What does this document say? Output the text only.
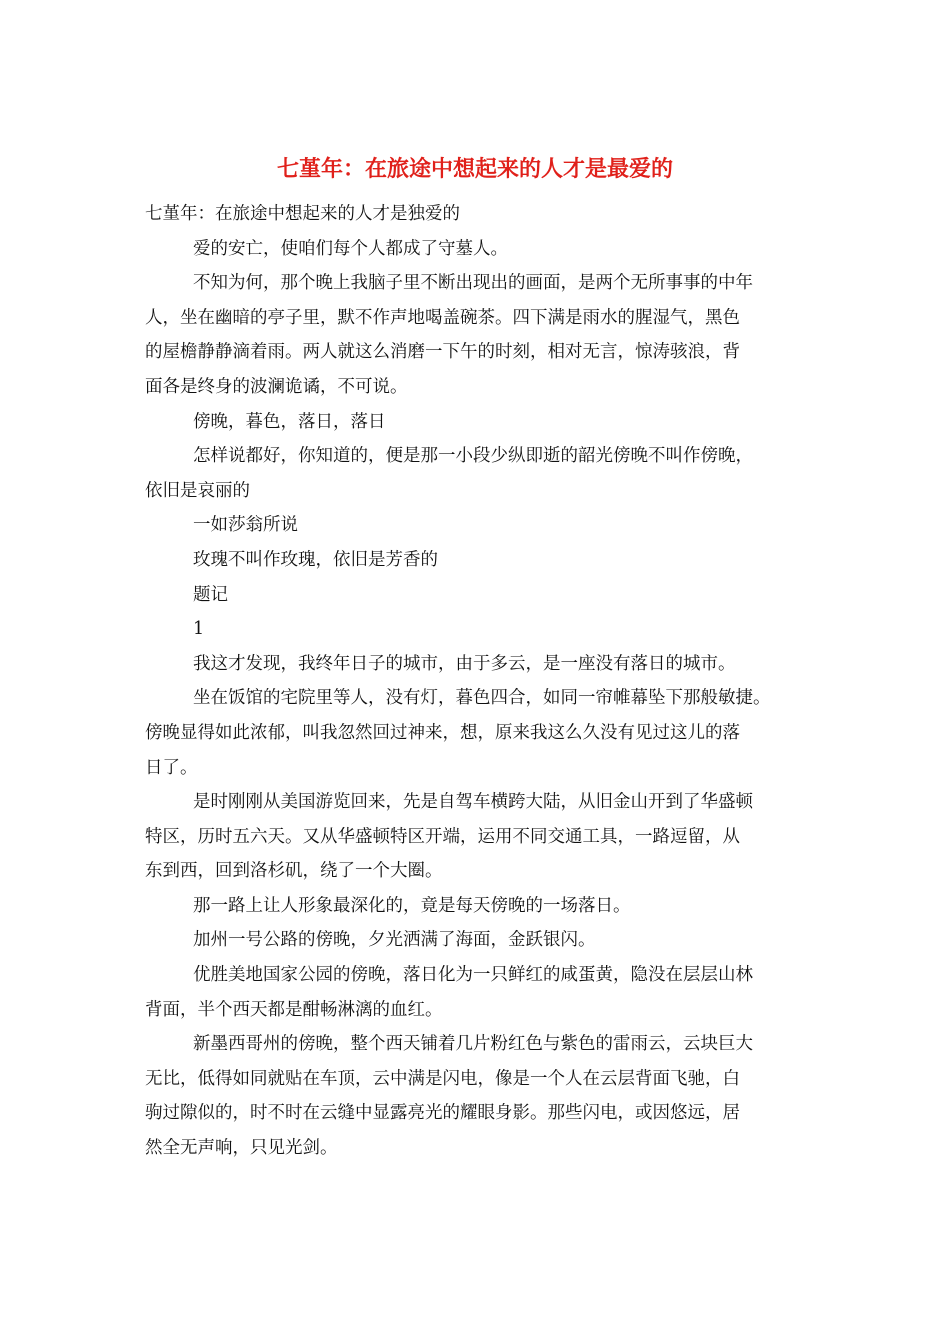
七堇年：在旅途中想起来的人才是最爱的
七堇年：在旅途中想起来的人才是独爱的
爱的安亡，使咱们每个人都成了守墓人。
不知为何，那个晚上我脑子里不断出现出的画面，是两个无所事事的中年
人，坐在幽暗的亭子里，默不作声地喝盖碗茶。四下满是雨水的腥湿气，黑色
的屋檐静静滴着雨。两人就这么消磨一下午的时刻，相对无言，惊涛骇浪，背
面各是终身的波澜诡谲，不可说。
傍晚，暮色，落日，落日
怎样说都好，你知道的，便是那一小段少纵即逝的韶光傍晚不叫作傍晚，
依旧是哀丽的
一如莎翁所说
玫瑰不叫作玫瑰，依旧是芳香的
题记
1
我这才发现，我终年日子的城市，由于多云，是一座没有落日的城市。
坐在饭馆的宅院里等人，没有灯，暮色四合，如同一帘帷幕坠下那般敏捷。
傍晚显得如此浓郁，叫我忽然回过神来，想，原来我这么久没有见过这儿的落
日了。
是时刚刚从美国游览回来，先是自驾车横跨大陆，从旧金山开到了华盛顿
特区，历时五六天。又从华盛顿特区开端，运用不同交通工具，一路逗留，从
东到西，回到洛杉矶，绕了一个大圈。
那一路上让人形象最深化的，竟是每天傍晚的一场落日。
加州一号公路的傍晚，夕光洒满了海面，金跃银闪。
优胜美地国家公园的傍晚，落日化为一只鲜红的咸蛋黄，隐没在层层山林
背面，半个西天都是酣畅淋漓的血红。
新墨西哥州的傍晚，整个西天铺着几片粉红色与紫色的雷雨云，云块巨大
无比，低得如同就贴在车顶，云中满是闪电，像是一个人在云层背面飞驰，白
驹过隙似的，时不时在云缝中显露亮光的耀眼身影。那些闪电，或因悠远，居
然全无声响，只见光剑。
